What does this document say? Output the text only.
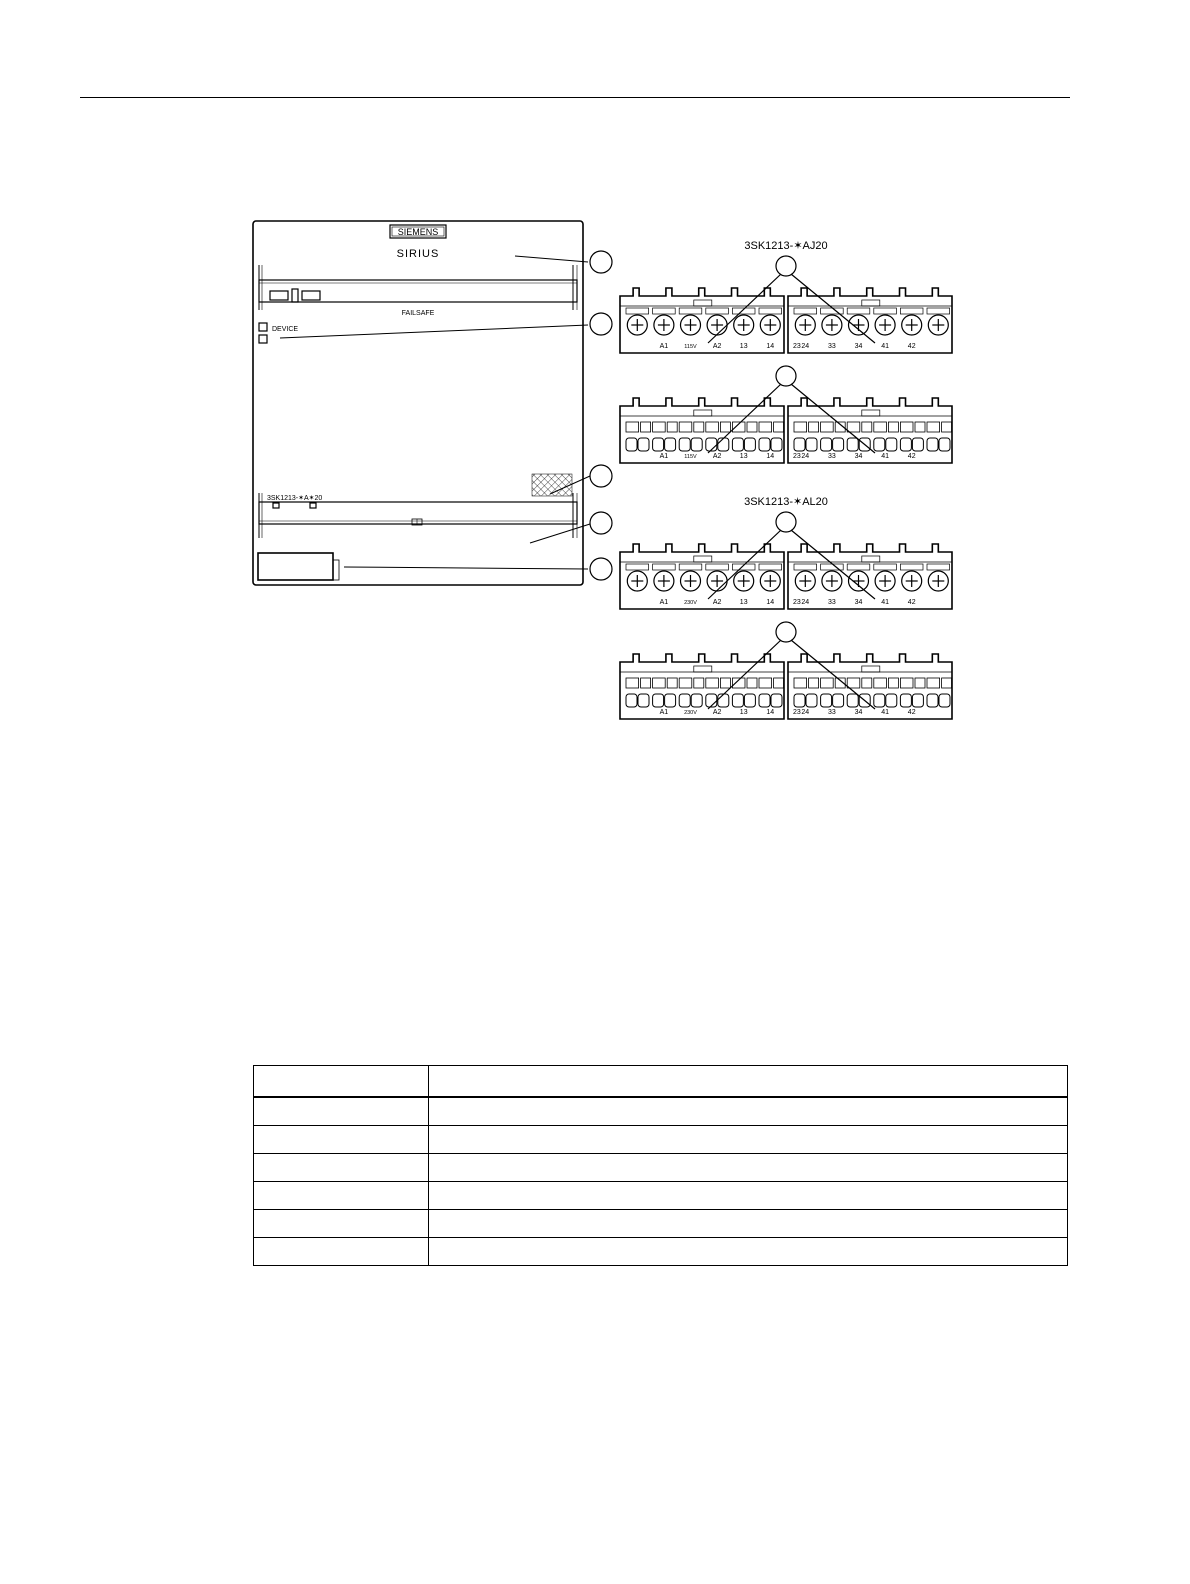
SIEMENS
SIRIUS
FAILSAFE
DEVICE
3SK1213-✶A✶20
3SK1213-✶AJ20
3SK1213-✶AL20
A1	115V A2	13	14	23 24	33	34	41	42
A1	115V A2	13	14	23 24	33	34	41	42
A1	230V A2	13	14	23 24	33	34	41	42
A1	230V A2	13	14	23 24	33	34	41	42
